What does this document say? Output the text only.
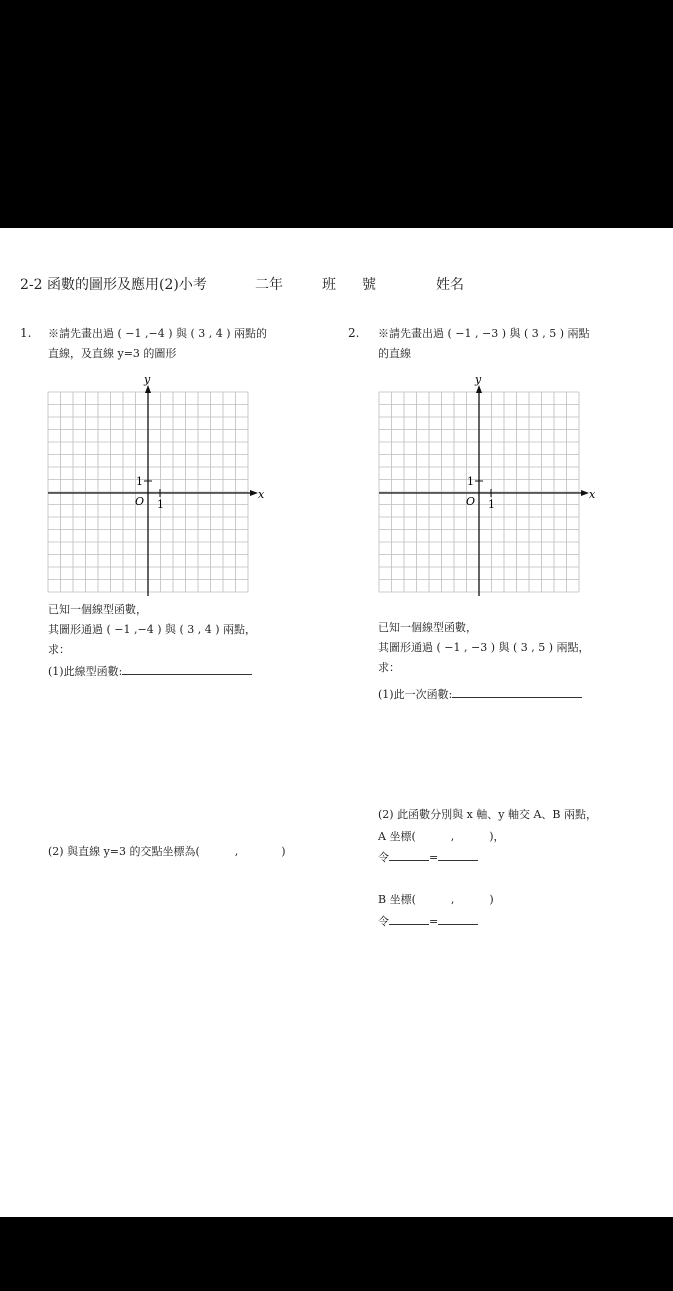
2-2 函數的圖形及應用(2)小考	二年	班 號	姓名
1. ※請先畫出過 ( −1 ,−4 ) 與 ( 3 , 4 ) 兩點的
直線，及直線 y=3 的圖形
x
y
O 1
1
已知一個線型函數，
其圖形通過 ( −1 ,−4 ) 與 ( 3 , 4 ) 兩點，
求：
(1)此線型函數:
(2) 與直線 y=3 的交點坐標為(	,	)
2. ※請先畫出過 ( −1 , −3 ) 與 ( 3 , 5 ) 兩點
的直線
x
y
O 1
1
已知一個線型函數，
其圖形通過 ( −1 , −3 ) 與 ( 3 , 5 ) 兩點，
求：
(1)此一次函數:
(2) 此函數分別與 x 軸、y 軸交 A、B 兩點，
A 坐標(	,	)，
令	=
B 坐標(	,	)
令	=
